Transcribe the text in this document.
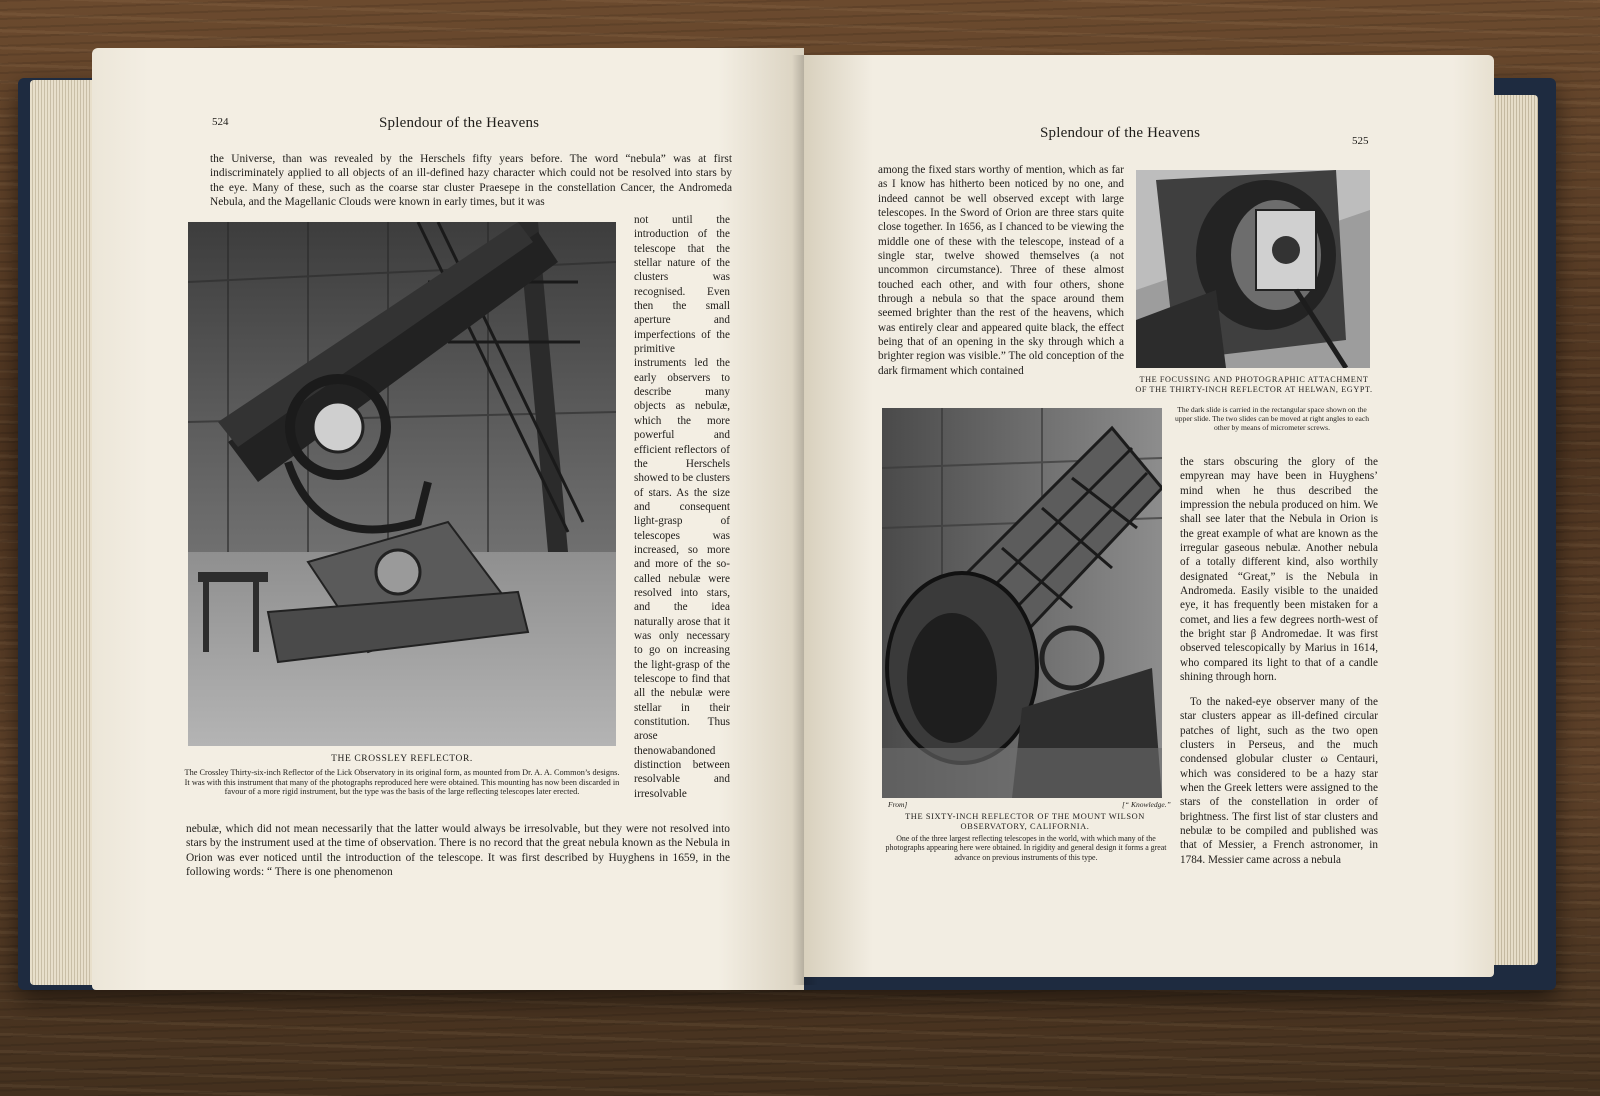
524	Splendour of the Heavens
the Universe, than was revealed by the Herschels fifty years before. The word “nebula” was at first indiscriminately applied to all objects of an ill-defined hazy character which could not be resolved into stars by the eye. Many of these, such as the coarse star cluster Praesepe in the constellation Cancer, the Andromeda Nebula, and the Magellanic Clouds were known in early times, but it was
not until the introduction of the telescope that the stellar nature of the clusters was recognised. Even then the small aperture and imperfections of the primitive instruments led the early observers to describe many objects as nebulæ, which the more powerful and efficient reflectors of the Herschels showed to be clusters of stars. As the size and consequent light-grasp of telescopes was increased, so more and more of the so-called nebulæ were resolved into stars, and the idea naturally arose that it was only necessary to go on increasing the light-grasp of the telescope to find that all the nebulæ were stellar in their constitution. Thus arose thenowabandoned distinction between resolvable and irresolvable
THE CROSSLEY REFLECTOR.
The Crossley Thirty-six-inch Reflector of the Lick Observatory in its original form, as mounted from Dr. A. A. Common’s designs. It was with this instrument that many of the photographs reproduced here were obtained. This mounting has now been discarded in favour of a more rigid instrument, but the type was the basis of the large reflecting telescopes later erected.
nebulæ, which did not mean necessarily that the latter would always be irresolvable, but they were not resolved into stars by the instrument used at the time of observation. There is no record that the great nebula known as the Nebula in Orion was ever noticed until the introduction of the telescope. It was first described by Huyghens in 1659, in the following words: “ There is one phenomenon
Splendour of the Heavens	525
among the fixed stars worthy of mention, which as far as I know has hitherto been noticed by no one, and indeed cannot be well observed except with large telescopes. In the Sword of Orion are three stars quite close together. In 1656, as I chanced to be viewing the middle one of these with the telescope, instead of a single star, twelve showed themselves (a not uncommon circumstance). Three of these almost touched each other, and with four others, shone through a nebula so that the space around them seemed brighter than the rest of the heavens, which was entirely clear and appeared quite black, the effect being that of an opening in the sky through which a brighter region was visible.” The old conception of the dark firmament which contained
THE FOCUSSING AND PHOTOGRAPHIC ATTACHMENT OF THE THIRTY-INCH REFLECTOR AT HELWAN, EGYPT.
The dark slide is carried in the rectangular space shown on the upper slide. The two slides can be moved at right angles to each other by means of micrometer screws.
From]	[“ Knowledge.”
THE SIXTY-INCH REFLECTOR OF THE MOUNT WILSON OBSERVATORY, CALIFORNIA.
One of the three largest reflecting telescopes in the world, with which many of the photographs appearing here were obtained. In rigidity and general design it forms a great advance on previous instruments of this type.
the stars obscuring the glory of the empyrean may have been in Huyghens’ mind when he thus described the impression the nebula produced on him. We shall see later that the Nebula in Orion is the great example of what are known as the irregular gaseous nebulæ. Another nebula of a totally different kind, also worthily designated “Great,” is the Nebula in Andromeda. Easily visible to the unaided eye, it has frequently been mistaken for a comet, and lies a few degrees north-west of the bright star β Andromedae. It was first observed telescopically by Marius in 1614, who compared its light to that of a candle shining through horn.
To the naked-eye observer many of the star clusters appear as ill-defined circular patches of light, such as the two open clusters in Perseus, and the much condensed globular cluster ω Centauri, which was considered to be a hazy star when the Greek letters were assigned to the stars of the constellation in order of brightness. The first list of star clusters and nebulæ to be compiled and published was that of Messier, a French astronomer, in 1784. Messier came across a nebula
